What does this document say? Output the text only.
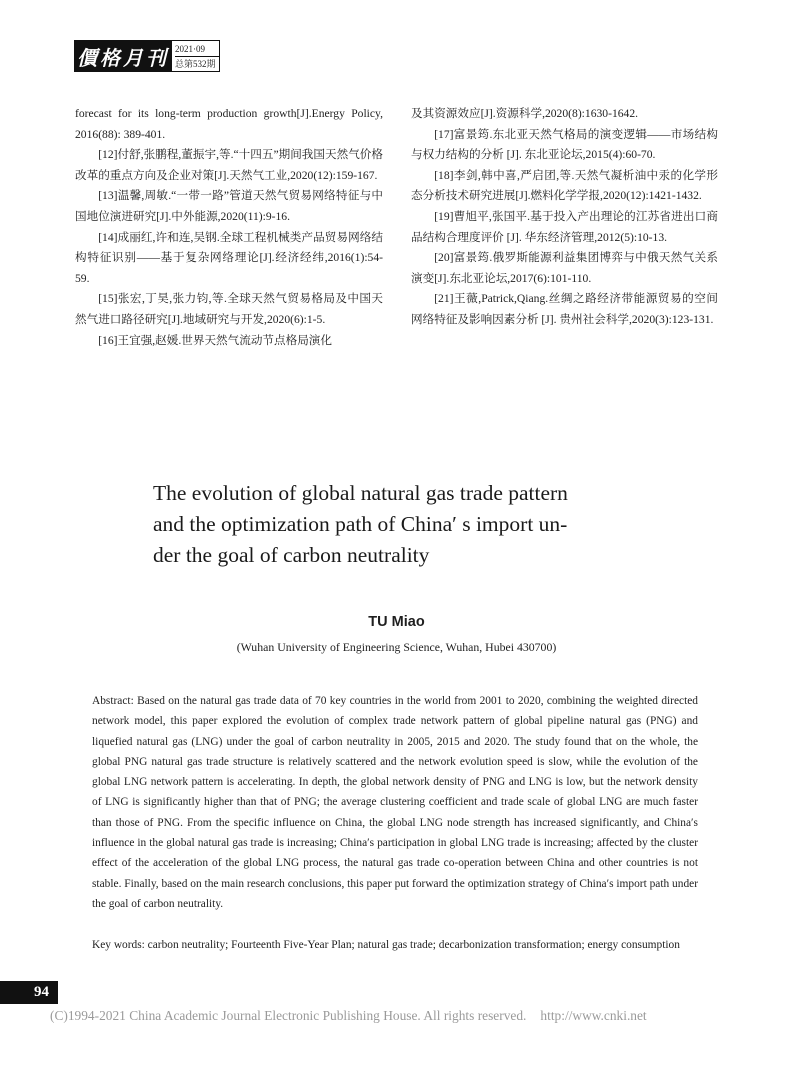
價格月刊 2021·09
总第532期

forecast for its long-term production growth[J].Energy Policy, 2016(88): 389-401.

[12]付舒,张鹏程,董振宇,等.“十四五”期间我国天然气价格改革的重点方向及企业对策[J].天然气工业,2020(12):159-167.

[13]温馨,周敏.“一带一路”管道天然气贸易网络特征与中国地位演进研究[J].中外能源,2020(11):9-16.

[14]成丽红,许和连,吴钢.全球工程机械类产品贸易网络结构特征识别——基于复杂网络理论[J].经济经纬,2016(1):54-59.

[15]张宏,丁昊,张力钧,等.全球天然气贸易格局及中国天然气进口路径研究[J].地域研究与开发,2020(6):1-5.

[16]王宜强,赵媛.世界天然气流动节点格局演化

及其资源效应[J].资源科学,2020(8):1630-1642.

[17]富景筠.东北亚天然气格局的演变逻辑——市场结构与权力结构的分析 [J]. 东北亚论坛,2015(4):60-70.

[18]李剑,韩中喜,严启团,等.天然气凝析油中汞的化学形态分析技术研究进展[J].燃料化学学报,2020(12):1421-1432.

[19]曹旭平,张国平.基于投入产出理论的江苏省进出口商品结构合理度评价 [J]. 华东经济管理,2012(5):10-13.

[20]富景筠.俄罗斯能源利益集团博弈与中俄天然气关系演变[J].东北亚论坛,2017(6):101-110.

[21]王薇,Patrick,Qiang.丝绸之路经济带能源贸易的空间网络特征及影响因素分析 [J]. 贵州社会科学,2020(3):123-131.

The evolution of global natural gas trade pattern

and the optimization path of China′ s import un-

der the goal of carbon neutrality

TU Miao
(Wuhan University of Engineering Science, Wuhan, Hubei 430700)
Abstract: Based on the natural gas trade data of 70 key countries in the world from 2001 to 2020, combining the weighted directed network model, this paper explored the evolution of complex trade network pattern of global pipeline natural gas (PNG) and liquefied natural gas (LNG) under the goal of carbon neutrality in 2005, 2015 and 2020. The study found that on the whole, the global PNG natural gas trade structure is relatively scattered and the network evolution speed is slow, while the evolution of the global LNG network pattern is accelerating. In depth, the global network density of PNG and LNG is low, but the network density of LNG is significantly higher than that of PNG; the average clustering coefficient and trade scale of global LNG are much faster than those of PNG. From the specific influence on China, the global LNG node strength has increased significantly, and China′s influence in the global natural gas trade is increasing; China′s participation in global LNG trade is increasing; affected by the cluster effect of the acceleration of the global LNG process, the natural gas trade co-operation between China and other countries is not stable. Finally, based on the main research conclusions, this paper put forward the optimization strategy of China′s import path under the goal of carbon neutrality.
Key words: carbon neutrality; Fourteenth Five-Year Plan; natural gas trade; decarbonization transformation; energy consumption
94
(C)1994-2021 China Academic Journal Electronic Publishing House. All rights reserved. http://www.cnki.net
